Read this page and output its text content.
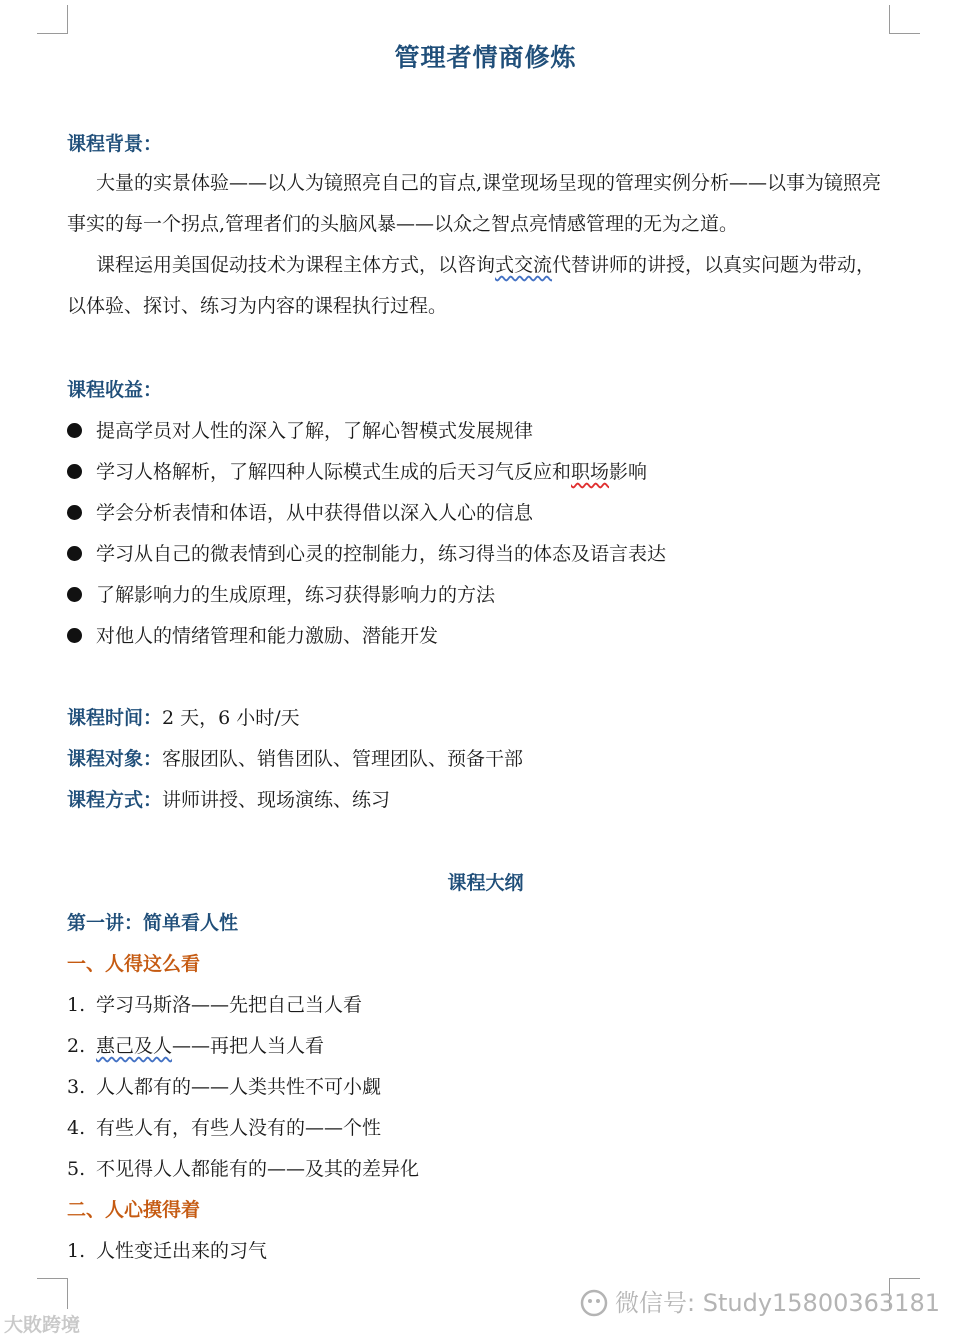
管理者情商修炼
课程背景：
大量的实景体验——以人为镜照亮自己的盲点,课堂现场呈现的管理实例分析——以事为镜照亮事实的每一个拐点,管理者们的头脑风暴——以众之智点亮情感管理的无为之道。
课程运用美国促动技术为课程主体方式，以咨询式交流代替讲师的讲授，以真实问题为带动，以体验、探讨、练习为内容的课程执行过程。
课程收益：
提高学员对人性的深入了解，了解心智模式发展规律
学习人格解析，了解四种人际模式生成的后天习气反应和职场影响
学会分析表情和体语，从中获得借以深入人心的信息
学习从自己的微表情到心灵的控制能力，练习得当的体态及语言表达
了解影响力的生成原理，练习获得影响力的方法
对他人的情绪管理和能力激励、潜能开发
课程时间：2 天，6 小时/天
课程对象：客服团队、销售团队、管理团队、预备干部
课程方式：讲师讲授、现场演练、练习
课程大纲
第一讲：简单看人性
一、人得这么看
1. 学习马斯洛——先把自己当人看
2. 惠己及人——再把人当人看
3. 人人都有的——人类共性不可小觑
4. 有些人有，有些人没有的——个性
5. 不见得人人都能有的——及其的差异化
二、人心摸得着
1. 人性变迁出来的习气
大敗跨境
微信号: Study15800363181
